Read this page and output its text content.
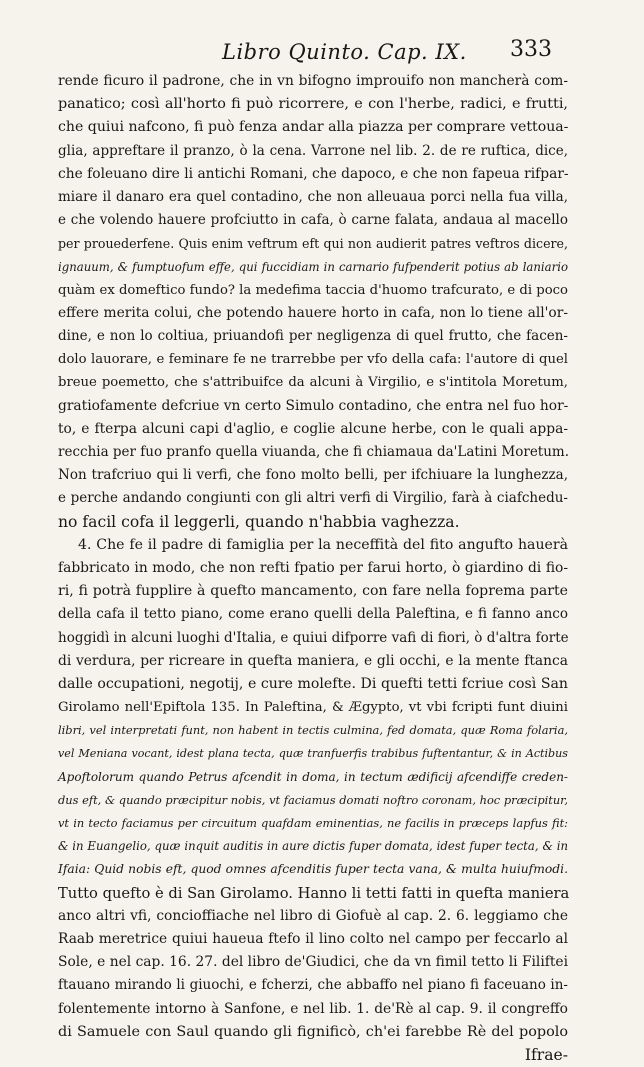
Libro Quinto. Cap. IX. 333
rende ficuro il padrone, che in vn bifogno improuifo non mancherà com-
panatico; così all'horto fi può ricorrere, e con l'herbe, radici, e frutti,
che quiui nafcono, fi può fenza andar alla piazza per comprare vettoua-
glia, appreftare il pranzo, ò la cena. Varrone nel lib. 2. de re ruftica, dice,
che foleuano dire li antichi Romani, che dapoco, e che non fapeua rifpar-
miare il danaro era quel contadino, che non alleuaua porci nella fua villa,
e che volendo hauere profciutto in cafa, ò carne falata, andaua al macello
per prouederfene. Quis enim veftrum eft qui non audierit patres veftros dicere,
ignauum, & fumptuofum effe, qui fuccidiam in carnario fufpenderit potius ab laniario
quàm ex domeftico fundo? la medefima taccia d'huomo trafcurato, e di poco
effere merita colui, che potendo hauere horto in cafa, non lo tiene all'or-
dine, e non lo coltiua, priuandofi per negligenza di quel frutto, che facen-
dolo lauorare, e feminare fe ne trarrebbe per vfo della cafa: l'autore di quel
breue poemetto, che s'attribuifce da alcuni à Virgilio, e s'intitola Moretum,
gratiofamente defcriue vn certo Simulo contadino, che entra nel fuo hor-
to, e fterpa alcuni capi d'aglio, e coglie alcune herbe, con le quali appa-
recchia per fuo pranfo quella viuanda, che fi chiamaua da'Latini Moretum.
Non trafcriuo qui li verfi, che fono molto belli, per ifchiuare la lunghezza,
e perche andando congiunti con gli altri verfi di Virgilio, farà à ciafchedu-
no facil cofa il leggerli, quando n'habbia vaghezza.
4. Che fe il padre di famiglia per la neceffità del fito angufto hauerà
fabbricato in modo, che non refti fpatio per farui horto, ò giardino di fio-
ri, fi potrà fupplire à quefto mancamento, con fare nella foprema parte
della cafa il tetto piano, come erano quelli della Paleftina, e fi fanno anco
hoggidì in alcuni luoghi d'Italia, e quiui difporre vafi di fiori, ò d'altra forte
di verdura, per ricreare in quefta maniera, e gli occhi, e la mente ftanca
dalle occupationi, negotij, e cure molefte. Di quefti tetti fcriue così San
Girolamo nell'Epiftola 135. In Paleftina, & Ægypto, vt vbi fcripti funt diuini
libri, vel interpretati funt, non habent in tectis culmina, fed domata, quæ Roma folaria,
vel Meniana vocant, idest plana tecta, quæ tranfuerfis trabibus fuftentantur, & in Actibus
Apoftolorum quando Petrus afcendit in doma, in tectum ædificij afcendiffe creden-
dus eft, & quando præcipitur nobis, vt faciamus domati noftro coronam, hoc præcipitur,
vt in tecto faciamus per circuitum quafdam eminentias, ne facilis in præceps lapfus fit:
& in Euangelio, quæ inquit auditis in aure dictis fuper domata, idest fuper tecta, & in
Ifaia: Quid nobis eft, quod omnes afcenditis fuper tecta vana, & multa huiufmodi.
Tutto quefto è di San Girolamo. Hanno li tetti fatti in quefta maniera
anco altri vfi, concioffiache nel libro di Giofuè al cap. 2. 6. leggiamo che
Raab meretrice quiui haueua ftefo il lino colto nel campo per feccarlo al
Sole, e nel cap. 16. 27. del libro de'Giudici, che da vn fimil tetto li Filiftei
ftauano mirando li giuochi, e fcherzi, che abbaffo nel piano fi faceuano in-
folentemente intorno à Sanfone, e nel lib. 1. de'Rè al cap. 9. il congreffo
di Samuele con Saul quando gli fignificò, ch'ei farebbe Rè del popolo
Ifrae-
